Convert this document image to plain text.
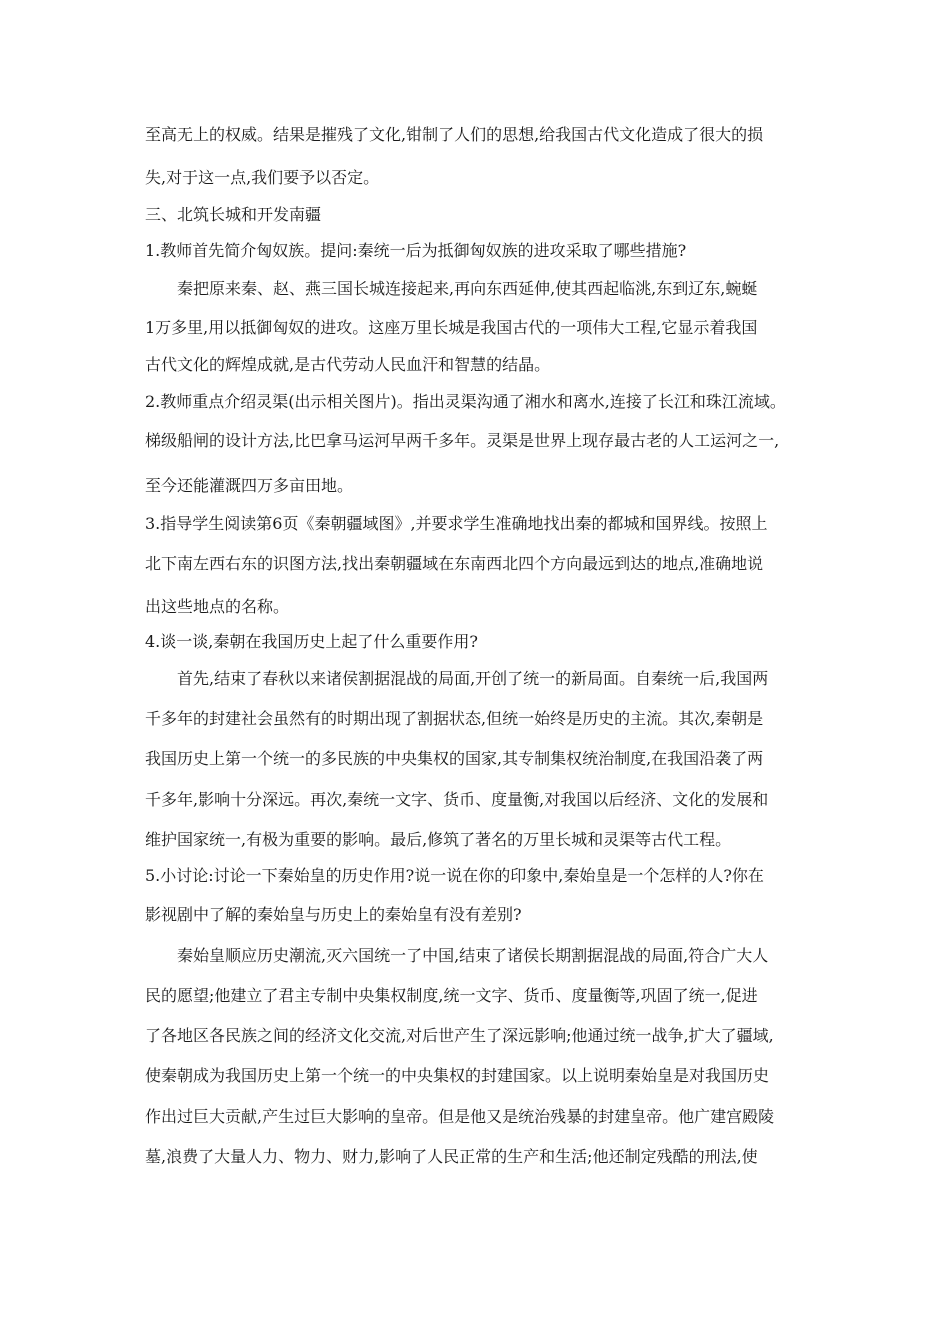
至高无上的权威。结果是摧残了文化,钳制了人们的思想,给我国古代文化造成了很大的损
失,对于这一点,我们要予以否定。
三、北筑长城和开发南疆
1.教师首先简介匈奴族。提问:秦统一后为抵御匈奴族的进攻采取了哪些措施?
秦把原来秦、赵、燕三国长城连接起来,再向东西延伸,使其西起临洮,东到辽东,蜿蜒
1万多里,用以抵御匈奴的进攻。这座万里长城是我国古代的一项伟大工程,它显示着我国
古代文化的辉煌成就,是古代劳动人民血汗和智慧的结晶。
2.教师重点介绍灵渠(出示相关图片)。指出灵渠沟通了湘水和离水,连接了长江和珠江流域。
梯级船闸的设计方法,比巴拿马运河早两千多年。灵渠是世界上现存最古老的人工运河之一,
至今还能灌溉四万多亩田地。
3.指导学生阅读第6页《秦朝疆域图》,并要求学生准确地找出秦的都城和国界线。按照上
北下南左西右东的识图方法,找出秦朝疆域在东南西北四个方向最远到达的地点,准确地说
出这些地点的名称。
4.谈一谈,秦朝在我国历史上起了什么重要作用?
首先,结束了春秋以来诸侯割据混战的局面,开创了统一的新局面。自秦统一后,我国两
千多年的封建社会虽然有的时期出现了割据状态,但统一始终是历史的主流。其次,秦朝是
我国历史上第一个统一的多民族的中央集权的国家,其专制集权统治制度,在我国沿袭了两
千多年,影响十分深远。再次,秦统一文字、货币、度量衡,对我国以后经济、文化的发展和
维护国家统一,有极为重要的影响。最后,修筑了著名的万里长城和灵渠等古代工程。
5.小讨论:讨论一下秦始皇的历史作用?说一说在你的印象中,秦始皇是一个怎样的人?你在
影视剧中了解的秦始皇与历史上的秦始皇有没有差别?
秦始皇顺应历史潮流,灭六国统一了中国,结束了诸侯长期割据混战的局面,符合广大人
民的愿望;他建立了君主专制中央集权制度,统一文字、货币、度量衡等,巩固了统一,促进
了各地区各民族之间的经济文化交流,对后世产生了深远影响;他通过统一战争,扩大了疆域,
使秦朝成为我国历史上第一个统一的中央集权的封建国家。以上说明秦始皇是对我国历史
作出过巨大贡献,产生过巨大影响的皇帝。但是他又是统治残暴的封建皇帝。他广建宫殿陵
墓,浪费了大量人力、物力、财力,影响了人民正常的生产和生活;他还制定残酷的刑法,使
